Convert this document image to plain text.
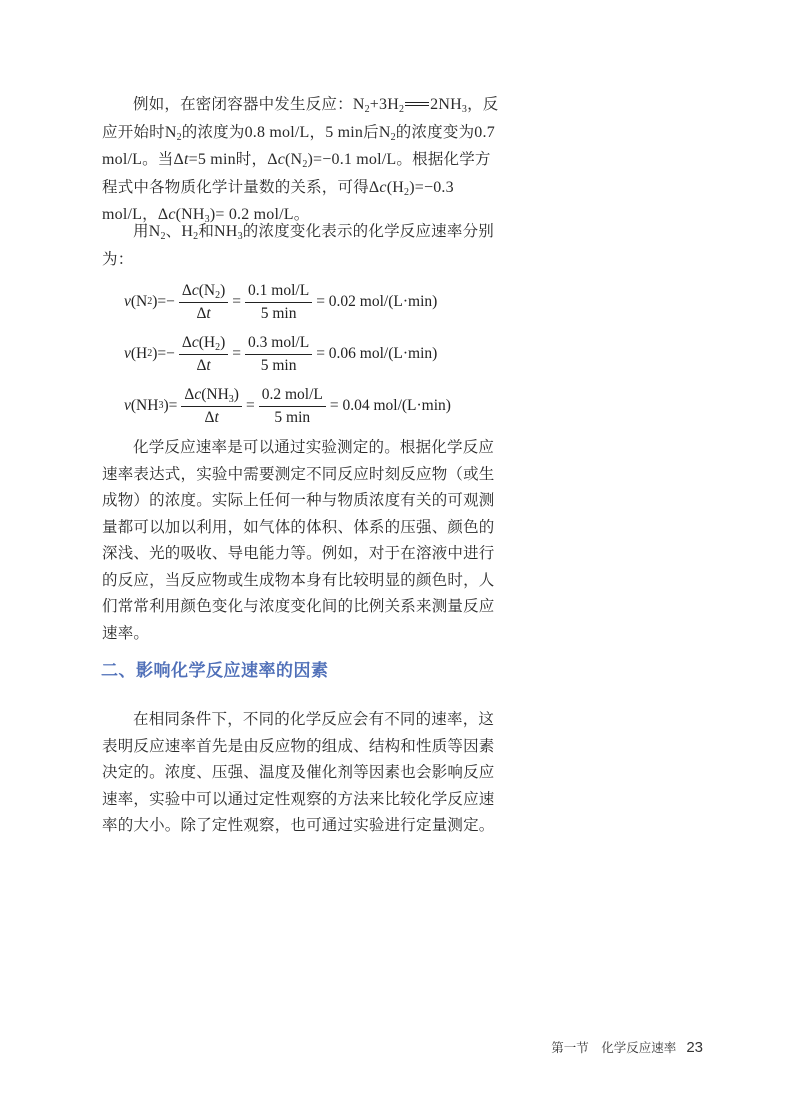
例如，在密闭容器中发生反应：$N_2+3H_2$ $2NH_3$，反应开始时$N_2$的浓度为0.8 mol/L，5 min后$N_2$的浓度变为0.7 mol/L。当Δt=5 min时，$\Delta c(N_2)=-0.1$ mol/L。根据化学方程式中各物质化学计量数的关系，可得$\Delta c(H_2)=-0.3$ mol/L，$\Delta c(NH_3)= 0.2$ mol/L。
用$N_2$、$H_2$和$NH_3$的浓度变化表示的化学反应速率分别为：
v (N 2 )=− $\frac{\Delta c(N_2)}{\Delta t} = \frac{\text{0.1 mol/L}}{5 \min} = 0.02$ mol/(L·min)
v (H 2 )=− $\frac{\Delta c(H_2)}{\Delta t} = \frac{\text{0.3 mol/L}}{5 \min} = 0.06$ mol/(L·min)
v (NH 3 )= $\frac{\Delta c(NH_3)}{\Delta t} = \frac{\text{0.2 mol/L}}{5 \min} = 0.04$ mol/(L·min)

化学反应速率是可以通过实验测定的。根据化学反应速率表达式，实验中需要测定不同反应时刻反应物（或生成物）的浓度。实际上任何一种与物质浓度有关的可观测量都可以加以利用，如气体的体积、体系的压强、颜色的深浅、光的吸收、导电能力等。例如，对于在溶液中进行的反应，当反应物或生成物本身有比较明显的颜色时，人们常常利用颜色变化与浓度变化间的比例关系来测量反应速率。

二、影响化学反应速率的因素

在相同条件下，不同的化学反应会有不同的速率，这表明反应速率首先是由反应物的组成、结构和性质等因素决定的。浓度、压强、温度及催化剂等因素也会影响反应速率，实验中可以通过定性观察的方法来比较化学反应速率的大小。除了定性观察，也可通过实验进行定量测定。

第一节　化学反应速率 23
